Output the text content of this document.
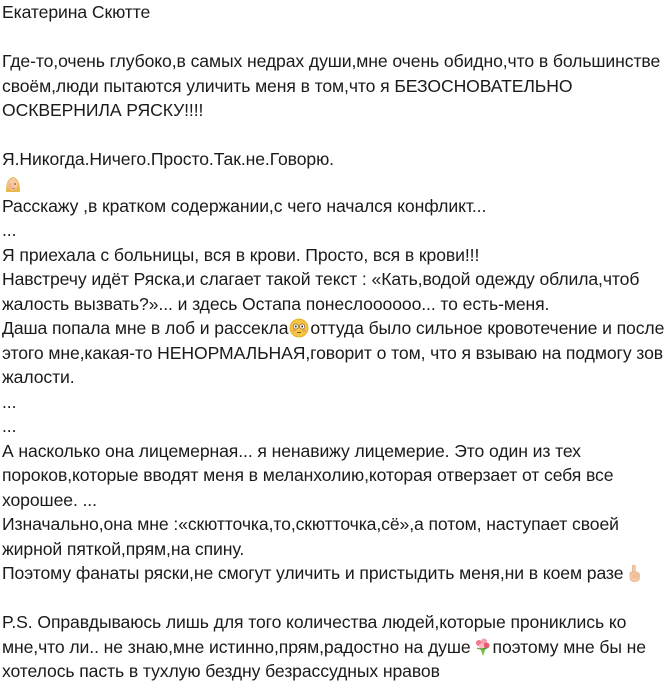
Екатерина Скютте
Где-то,очень глубоко,в самых недрах души,мне очень обидно,что в большинстве
своём,люди пытаются уличить меня в том,что я БЕЗОСНОВАТЕЛЬНО
ОСКВЕРНИЛА РЯСКУ!!!!
Я.Никогда.Ничего.Просто.Так.не.Говорю.
Расскажу ,в кратком содержании,с чего начался конфликт...
...
Я приехала с больницы, вся в крови. Просто, вся в крови!!!
Навстречу идёт Ряска,и слагает такой текст : «Кать,водой одежду облила,чтоб
жалость вызвать?»... и здесь Остапа понеслоооооо... то есть-меня.
Даша попала мне в лоб и рассекла оттуда было сильное кровотечение и после
этого мне,какая-то НЕНОРМАЛЬНАЯ,говорит о том, что я взываю на подмогу зов
жалости.
...
...
А насколько она лицемерная... я ненавижу лицемерие. Это один из тех
пороков,которые вводят меня в меланхолию,которая отверзает от себя все
хорошее. ...
Изначально,она мне :«скютточка,то,скютточка,сё»,а потом, наступает своей
жирной пяткой,прям,на спину.
Поэтому фанаты ряски,не смогут уличить и пристыдить меня,ни в коем разе
P.S. Оправдываюсь лишь для того количества людей,которые прониклись ко
мне,что ли.. не знаю,мне истинно,прям,радостно на душе поэтому мне бы не
хотелось пасть в тухлую бездну безрассудных нравов
